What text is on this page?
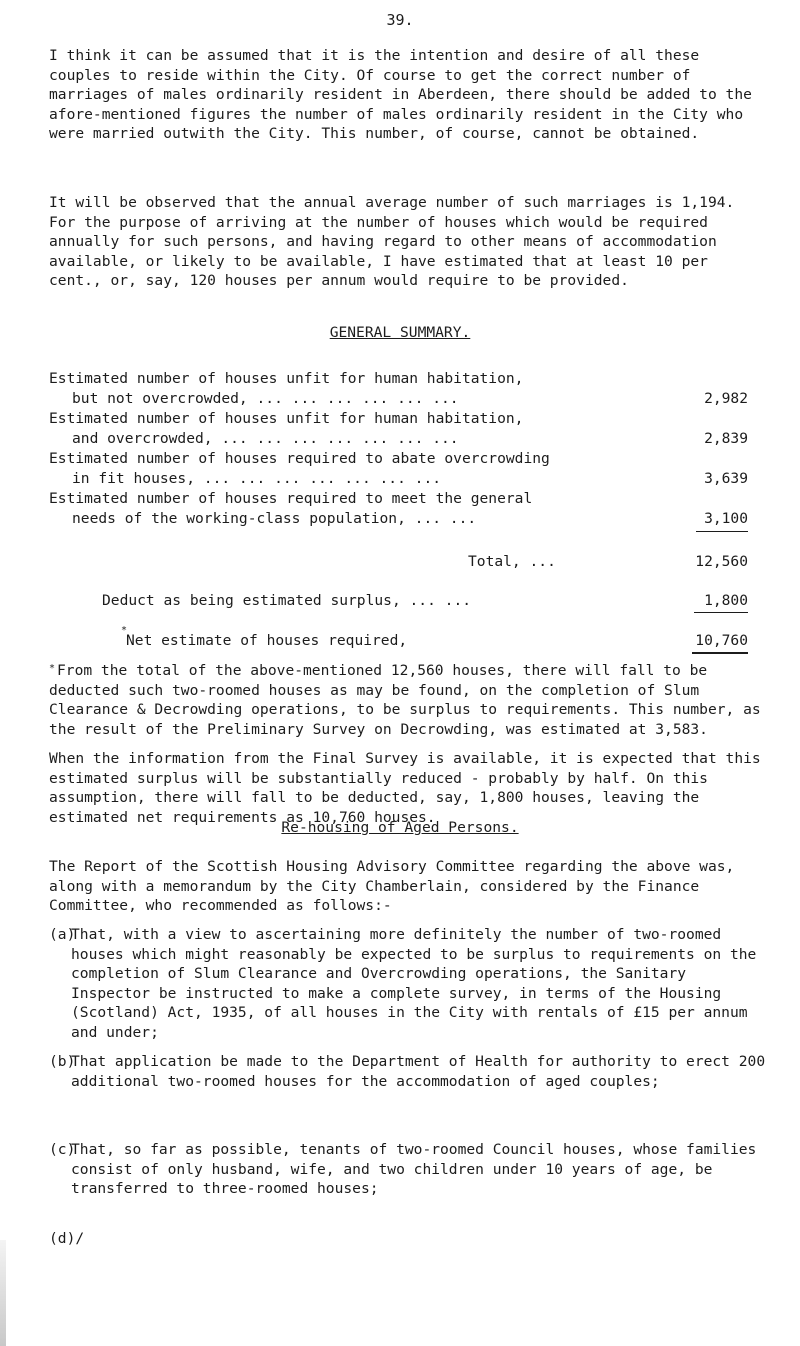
39.

I think it can be assumed that it is the intention and desire of all these couples to reside within the City. Of course to get the correct number of marriages of males ordinarily resident in Aberdeen, there should be added to the afore-mentioned figures the number of males ordinarily resident in the City who were married outwith the City. This number, of course, cannot be obtained.

It will be observed that the annual average number of such marriages is 1,194. For the purpose of arriving at the number of houses which would be required annually for such persons, and having regard to other means of accommodation available, or likely to be available, I have estimated that at least 10 per cent., or, say, 120 houses per annum would require to be provided.

GENERAL SUMMARY.
Estimated number of houses unfit for human habitation,
but not overcrowded, ... ... ... ... ... ...	2,982
Estimated number of houses unfit for human habitation,
and overcrowded, ... ... ... ... ... ... ...	2,839
Estimated number of houses required to abate overcrowding
in fit houses, ... ... ... ... ... ... ...	3,639
Estimated number of houses required to meet the general
needs of the working-class population, ... ...	3,100
Total, ...	12,560
Deduct as being estimated surplus, ... ...	1,800
*
Net estimate of houses required,	10,760
* From the total of the above-mentioned 12,560 houses, there will fall to be deducted such two-roomed houses as may be found, on the completion of Slum Clearance & Decrowding operations, to be surplus to requirements. This number, as the result of the Preliminary Survey on Decrowding, was estimated at 3,583.

When the information from the Final Survey is available, it is expected that this estimated surplus will be substantially reduced - probably by half. On this assumption, there will fall to be deducted, say, 1,800 houses, leaving the estimated net requirements as 10,760 houses.

Re-housing of Aged Persons.

The Report of the Scottish Housing Advisory Committee regarding the above was, along with a memorandum by the City Chamberlain, considered by the Finance Committee, who recommended as follows:-

(a)
That, with a view to ascertaining more definitely the number of two-roomed houses which might reasonably be expected to be surplus to requirements on the completion of Slum Clearance and Overcrowding operations, the Sanitary Inspector be instructed to make a complete survey, in terms of the Housing (Scotland) Act, 1935, of all houses in the City with rentals of £15 per annum and under;
(b)
That application be made to the Department of Health for authority to erect 200 additional two-roomed houses for the accommodation of aged couples;
(c)
That, so far as possible, tenants of two-roomed Council houses, whose families consist of only husband, wife, and two children under 10 years of age, be transferred to three-roomed houses;
(d)/
